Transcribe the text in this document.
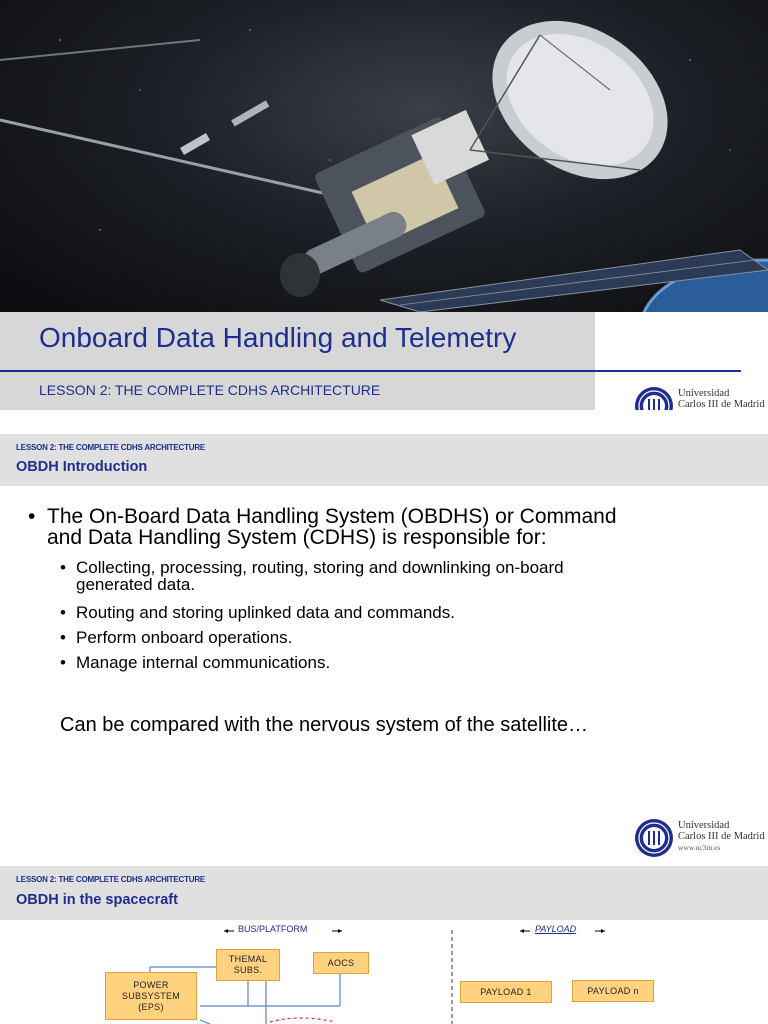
Onboard Data Handling and Telemetry
LESSON 2: THE COMPLETE CDHS ARCHITECTURE	Universidad
Carlos III de Madrid
LESSON 2: THE COMPLETE CDHS ARCHITECTURE
OBDH Introduction
• The On-Board Data Handling System (OBDHS) or Command
and Data Handling System (CDHS) is responsible for:
• Collecting, processing, routing, storing and downlinking on-board
generated data.
• Routing and storing uplinked data and commands.
• Perform onboard operations.
• Manage internal communications.
Can be compared with the nervous system of the satellite…
Universidad
Carlos III de Madrid
www.uc3m.es
LESSON 2: THE COMPLETE CDHS ARCHITECTURE
OBDH in the spacecraft
BUS/PLATFORM	PAYLOAD
THEMAL
SUBS.
AOCS
POWER
SUBSYSTEM
(EPS)
PAYLOAD 1	PAYLOAD n
